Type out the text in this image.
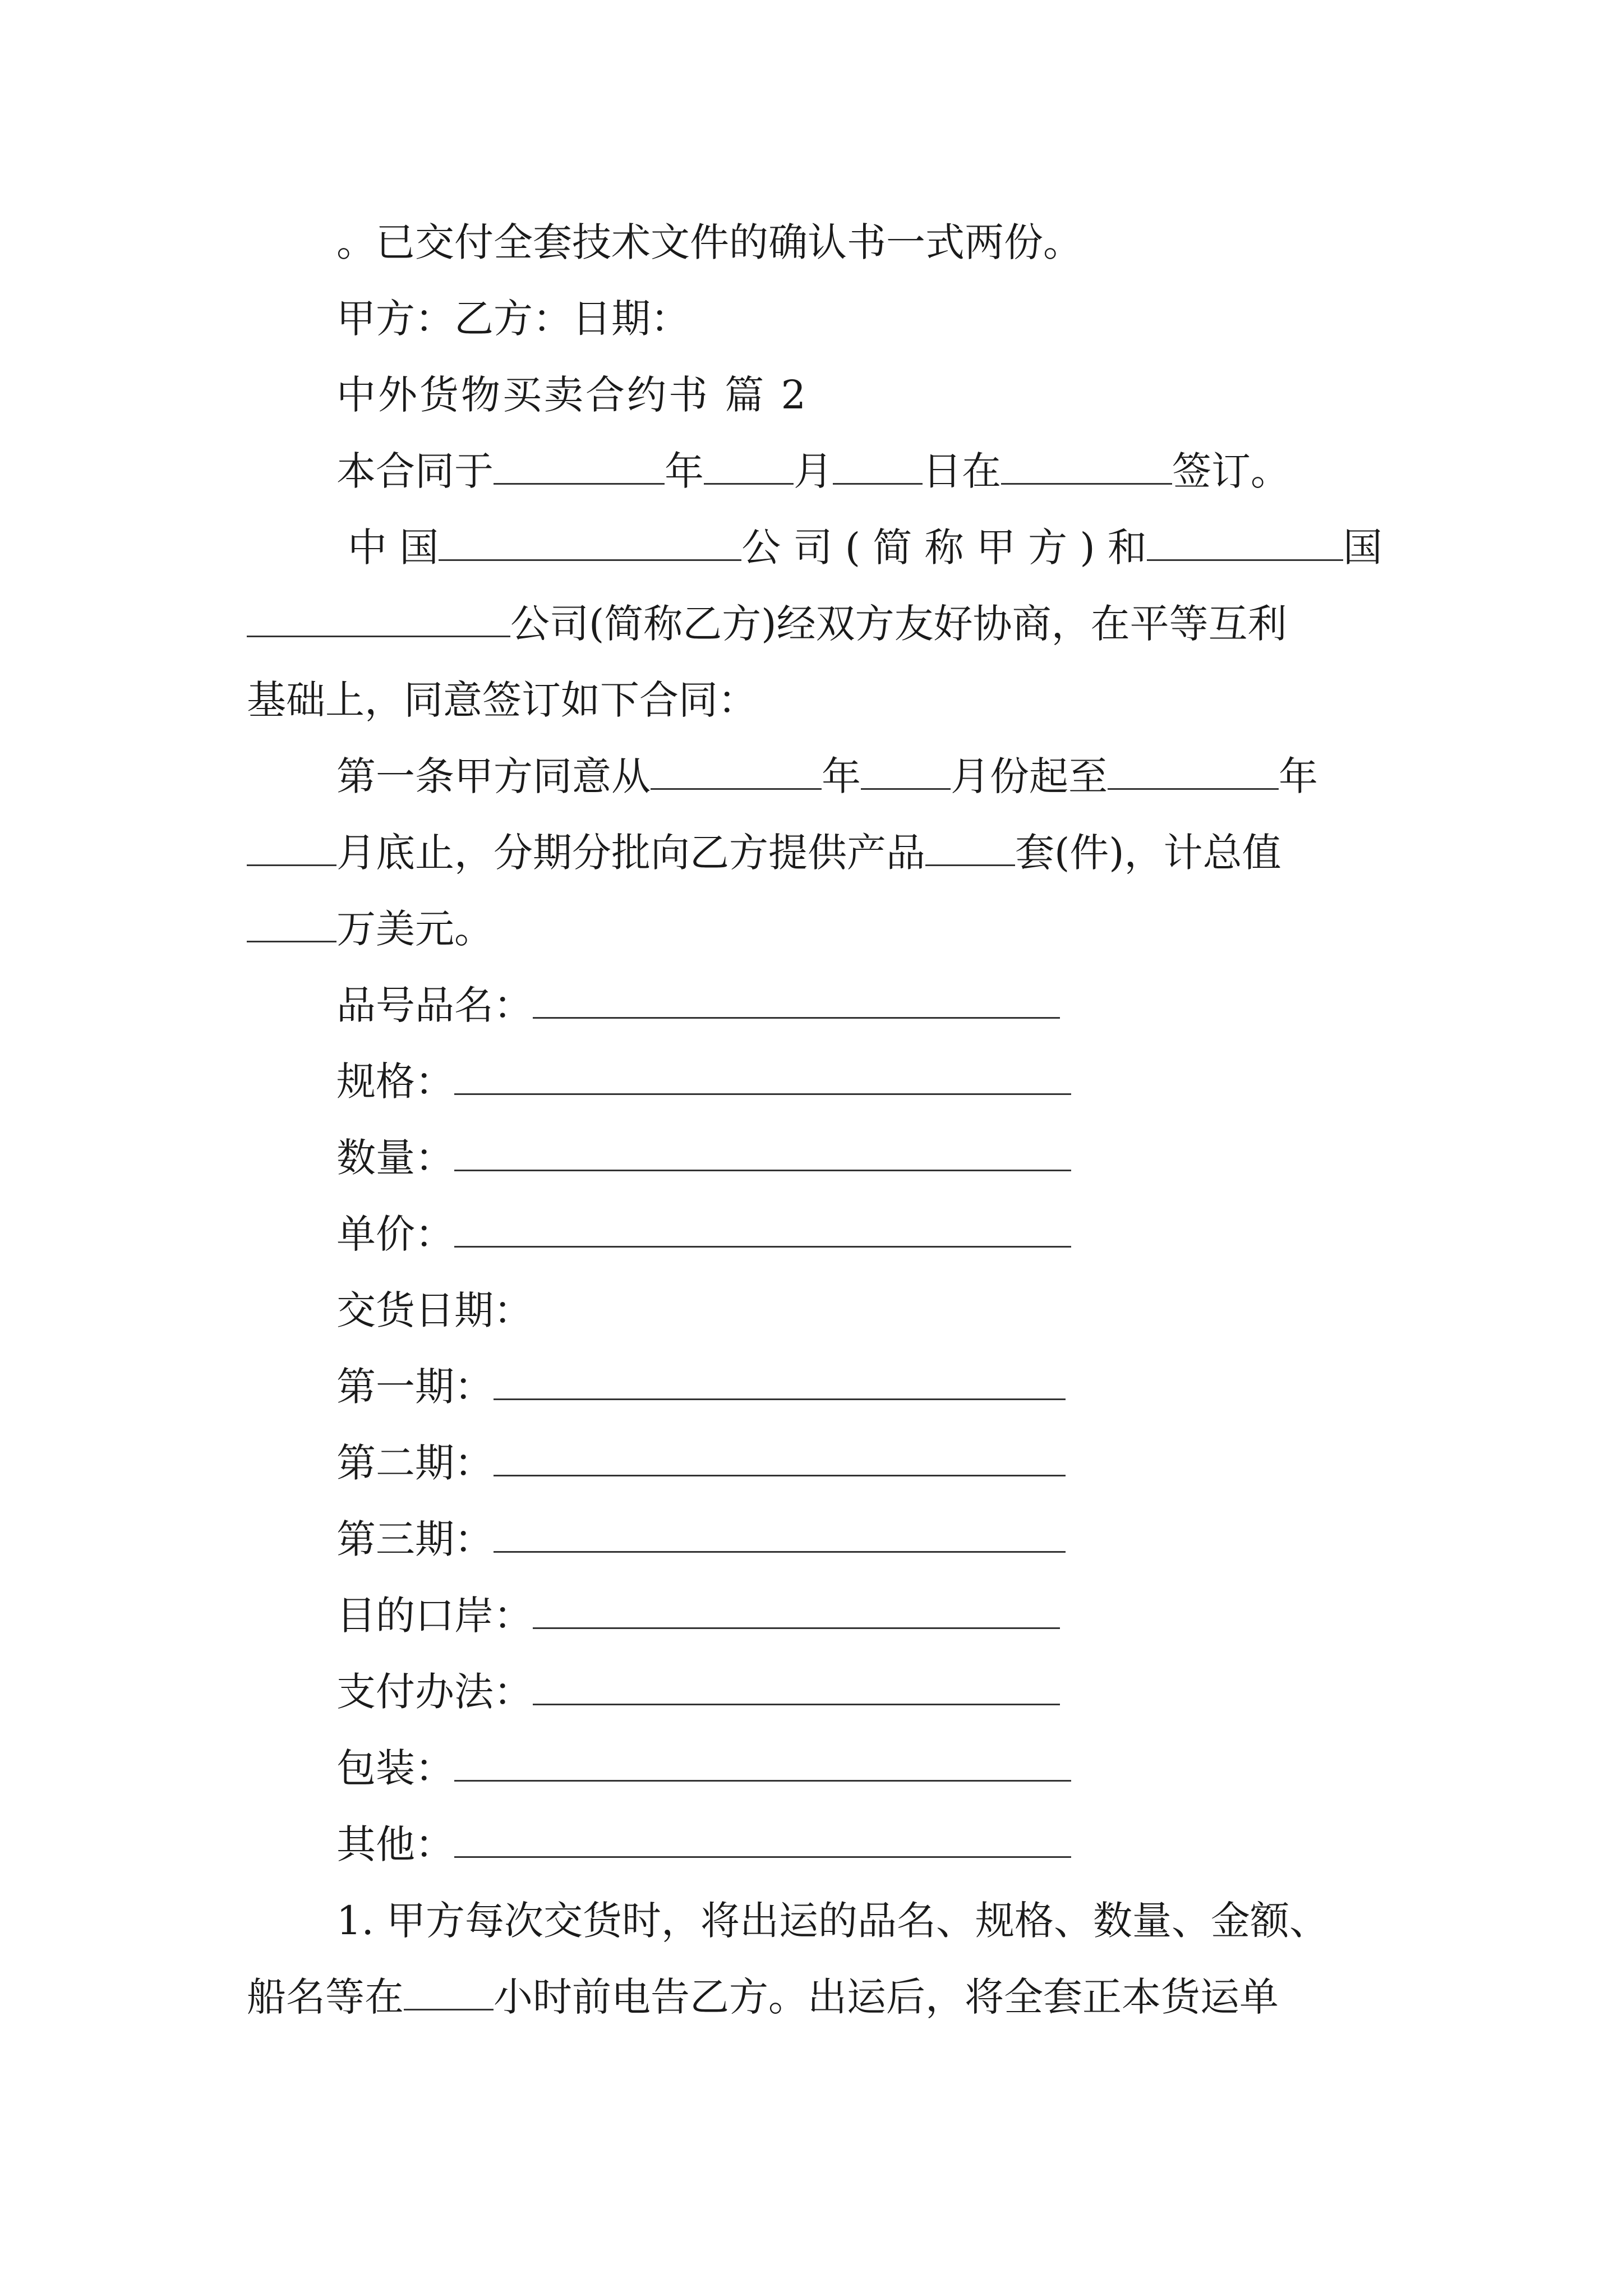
。已交付全套技术文件的确认书一式两份。
甲方：乙方：日期：
中外货物买卖合约书 篇 2
本合同于	年 月 日在	签订。
中 国	公 司 ( 简 称 甲 方 ) 和	国
公司(简称乙方)经双方友好协商，在平等互利
基础上，同意签订如下合同：
第一条甲方同意从	年 月份起至	年
月底止，分期分批向乙方提供产品 套(件)，计总值
万美元。
品号品名：
规格：
数量：
单价：
交货日期：
第一期：
第二期：
第三期：
目的口岸：
支付办法：
包装：
其他：
1. 甲方每次交货时，将出运的品名、规格、数量、金额、
船名等在 小时前电告乙方。出运后，将全套正本货运单
